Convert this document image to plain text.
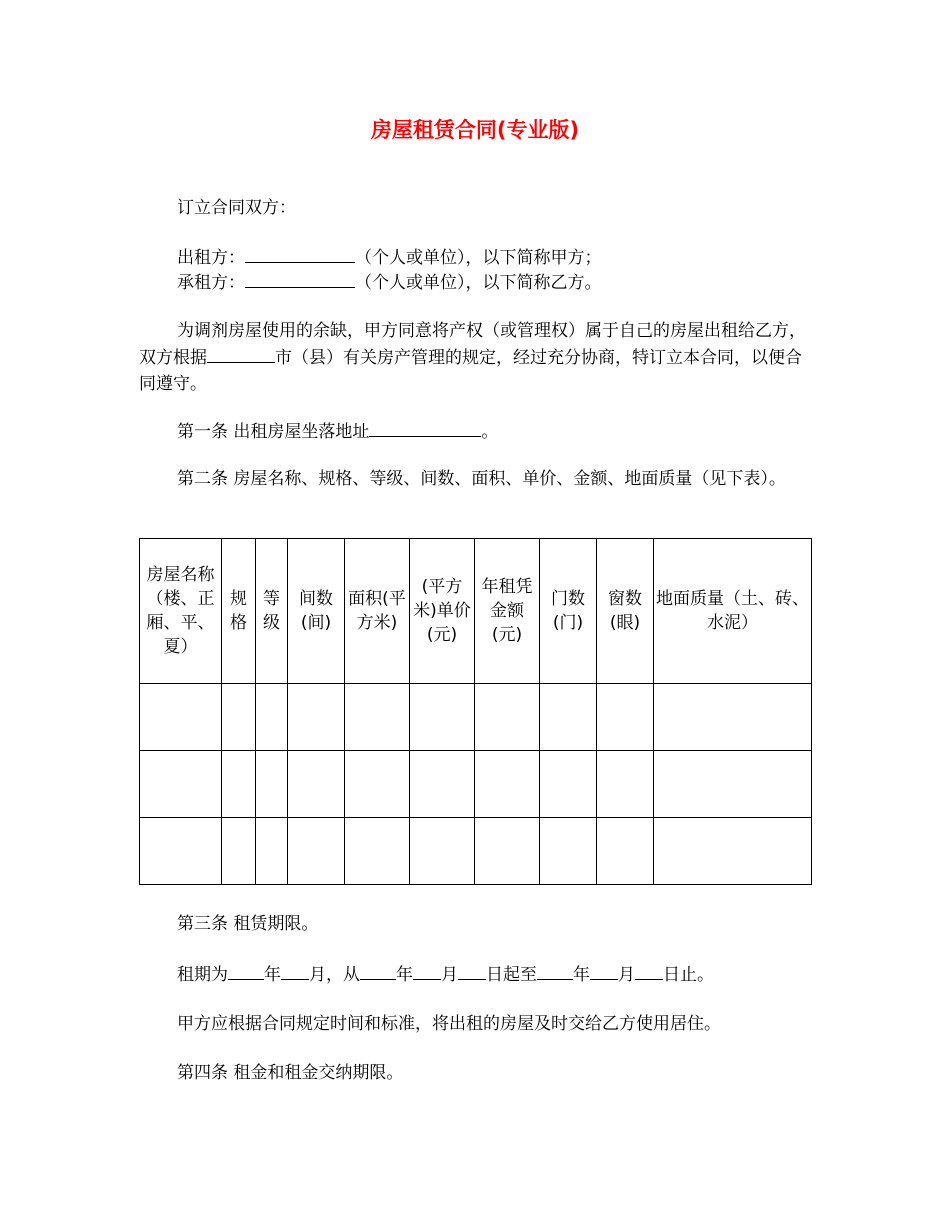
房屋租赁合同(专业版)
订立合同双方：
出租方：	（个人或单位），以下简称甲方；
承租方：	（个人或单位），以下简称乙方。
为调剂房屋使用的余缺，甲方同意将产权（或管理权）属于自己的房屋出租给乙方，双方根据	市（县）有关房产管理的规定，经过充分协商，特订立本合同，以便合同遵守。
第一条 出租房屋坐落地址	。
第二条 房屋名称、规格、等级、间数、面积、单价、金额、地面质量（见下表）。
房屋名称（楼、正厢、平、夏）	规格	等级	间数(间)	面积(平方米)	(平方米)单价(元)	年租凭金额(元)	门数(门)	窗数(眼)	地面质量（土、砖、水泥）

第三条 租赁期限。
租期为 年 月，从 年 月 日起至 年 月 日止。
甲方应根据合同规定时间和标准，将出租的房屋及时交给乙方使用居住。
第四条 租金和租金交纳期限。
